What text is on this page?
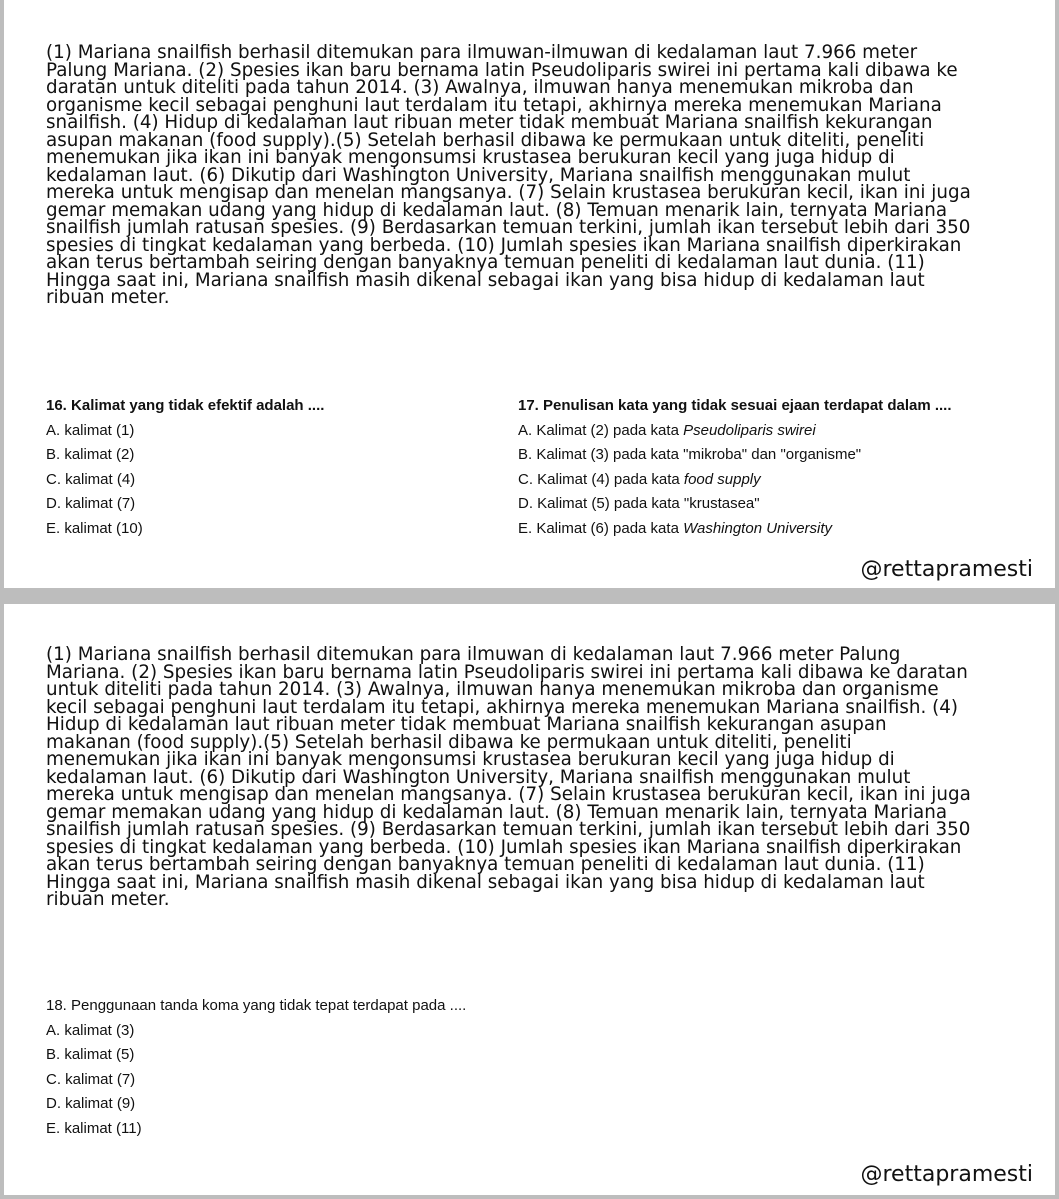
(1) Mariana snailfish berhasil ditemukan para ilmuwan-ilmuwan di kedalaman laut 7.966 meter
Palung Mariana. (2) Spesies ikan baru bernama latin Pseudoliparis swirei ini pertama kali dibawa ke
daratan untuk diteliti pada tahun 2014. (3) Awalnya, ilmuwan hanya menemukan mikroba dan
organisme kecil sebagai penghuni laut terdalam itu tetapi, akhirnya mereka menemukan Mariana
snailfish. (4) Hidup di kedalaman laut ribuan meter tidak membuat Mariana snailfish kekurangan
asupan makanan (food supply).(5) Setelah berhasil dibawa ke permukaan untuk diteliti, peneliti
menemukan jika ikan ini banyak mengonsumsi krustasea berukuran kecil yang juga hidup di
kedalaman laut. (6) Dikutip dari Washington University, Mariana snailfish menggunakan mulut
mereka untuk mengisap dan menelan mangsanya. (7) Selain krustasea berukuran kecil, ikan ini juga
gemar memakan udang yang hidup di kedalaman laut. (8) Temuan menarik lain, ternyata Mariana
snailfish jumlah ratusan spesies. (9) Berdasarkan temuan terkini, jumlah ikan tersebut lebih dari 350
spesies di tingkat kedalaman yang berbeda. (10) Jumlah spesies ikan Mariana snailfish diperkirakan
akan terus bertambah seiring dengan banyaknya temuan peneliti di kedalaman laut dunia. (11)
Hingga saat ini, Mariana snailfish masih dikenal sebagai ikan yang bisa hidup di kedalaman laut
ribuan meter.
16. Kalimat yang tidak efektif adalah ....
A. kalimat (1)
B. kalimat (2)
C. kalimat (4)
D. kalimat (7)
E. kalimat (10)
17. Penulisan kata yang tidak sesuai ejaan terdapat dalam ....
A. Kalimat (2) pada kata Pseudoliparis swirei
B. Kalimat (3) pada kata "mikroba" dan "organisme"
C. Kalimat (4) pada kata food supply
D. Kalimat (5) pada kata "krustasea"
E. Kalimat (6) pada kata Washington University
@rettapramesti
(1) Mariana snailfish berhasil ditemukan para ilmuwan di kedalaman laut 7.966 meter Palung
Mariana. (2) Spesies ikan baru bernama latin Pseudoliparis swirei ini pertama kali dibawa ke daratan
untuk diteliti pada tahun 2014. (3) Awalnya, ilmuwan hanya menemukan mikroba dan organisme
kecil sebagai penghuni laut terdalam itu tetapi, akhirnya mereka menemukan Mariana snailfish. (4)
Hidup di kedalaman laut ribuan meter tidak membuat Mariana snailfish kekurangan asupan
makanan (food supply).(5) Setelah berhasil dibawa ke permukaan untuk diteliti, peneliti
menemukan jika ikan ini banyak mengonsumsi krustasea berukuran kecil yang juga hidup di
kedalaman laut. (6) Dikutip dari Washington University, Mariana snailfish menggunakan mulut
mereka untuk mengisap dan menelan mangsanya. (7) Selain krustasea berukuran kecil, ikan ini juga
gemar memakan udang yang hidup di kedalaman laut. (8) Temuan menarik lain, ternyata Mariana
snailfish jumlah ratusan spesies. (9) Berdasarkan temuan terkini, jumlah ikan tersebut lebih dari 350
spesies di tingkat kedalaman yang berbeda. (10) Jumlah spesies ikan Mariana snailfish diperkirakan
akan terus bertambah seiring dengan banyaknya temuan peneliti di kedalaman laut dunia. (11)
Hingga saat ini, Mariana snailfish masih dikenal sebagai ikan yang bisa hidup di kedalaman laut
ribuan meter.
18. Penggunaan tanda koma yang tidak tepat terdapat pada ....
A. kalimat (3)
B. kalimat (5)
C. kalimat (7)
D. kalimat (9)
E. kalimat (11)
@rettapramesti
